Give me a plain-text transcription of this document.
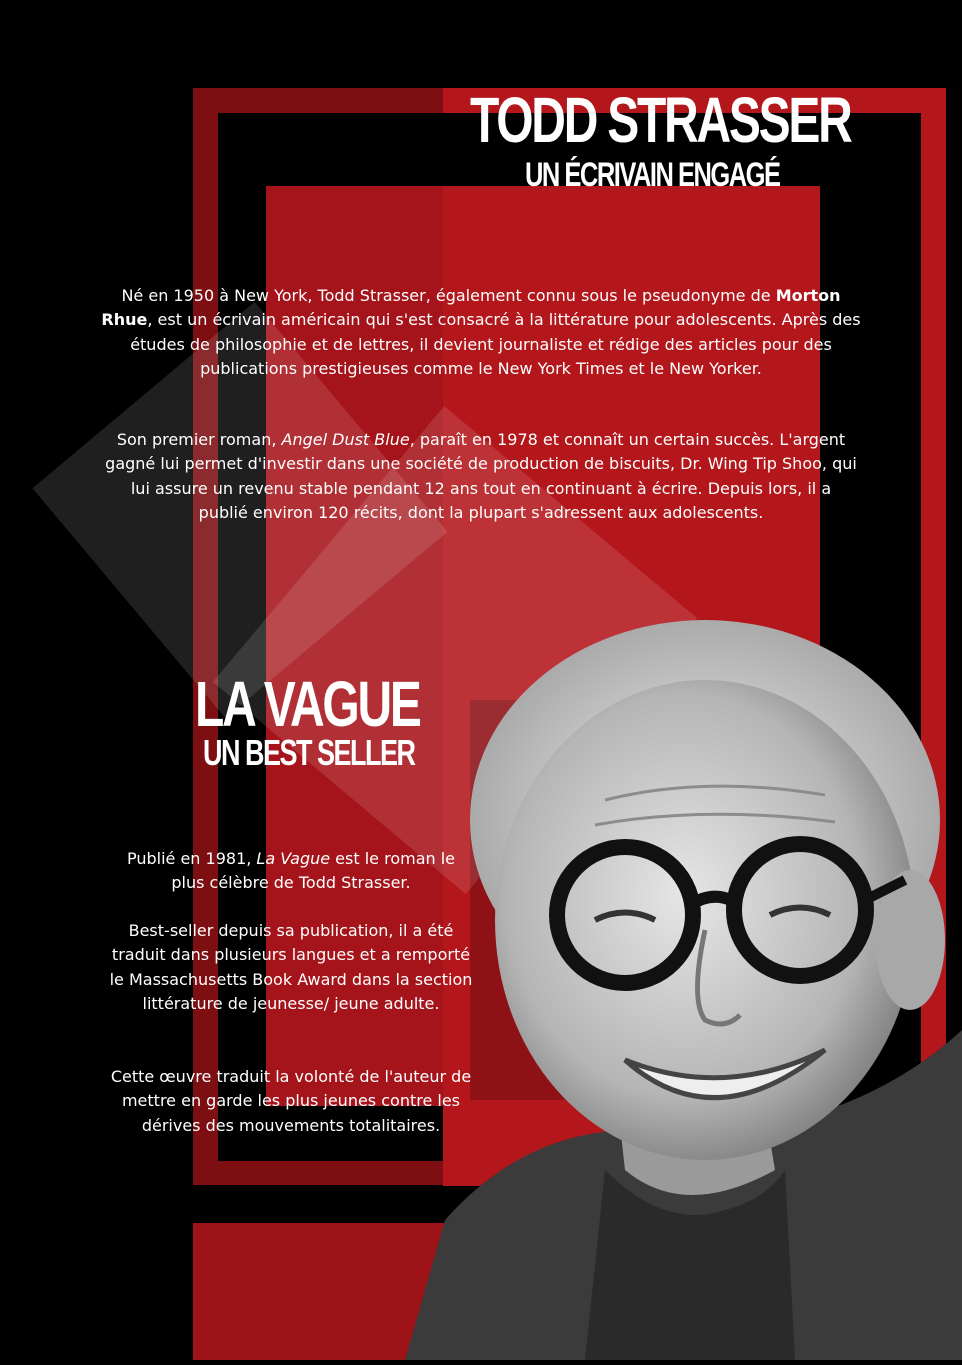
TODD STRASSER
UN ÉCRIVAIN ENGAGÉ

Né en 1950 à New York, Todd Strasser, également connu sous le pseudonyme de Morton Rhue, est un écrivain américain qui s'est consacré à la littérature pour adolescents. Après des études de philosophie et de lettres, il devient journaliste et rédige des articles pour des publications prestigieuses comme le New York Times et le New Yorker.

Son premier roman, Angel Dust Blue, paraît en 1978 et connaît un certain succès. L'argent gagné lui permet d'investir dans une société de production de biscuits, Dr. Wing Tip Shoo, qui lui assure un revenu stable pendant 12 ans tout en continuant à écrire. Depuis lors, il a publié environ 120 récits, dont la plupart s'adressent aux adolescents.

LA VAGUE
UN BEST SELLER

Publié en 1981, La Vague est le roman le plus célèbre de Todd Strasser.

Best-seller depuis sa publication, il a été traduit dans plusieurs langues et a remporté le Massachusetts Book Award dans la section littérature de jeunesse/ jeune adulte.

Cette œuvre traduit la volonté de l'auteur de mettre en garde les plus jeunes contre les dérives des mouvements totalitaires.
